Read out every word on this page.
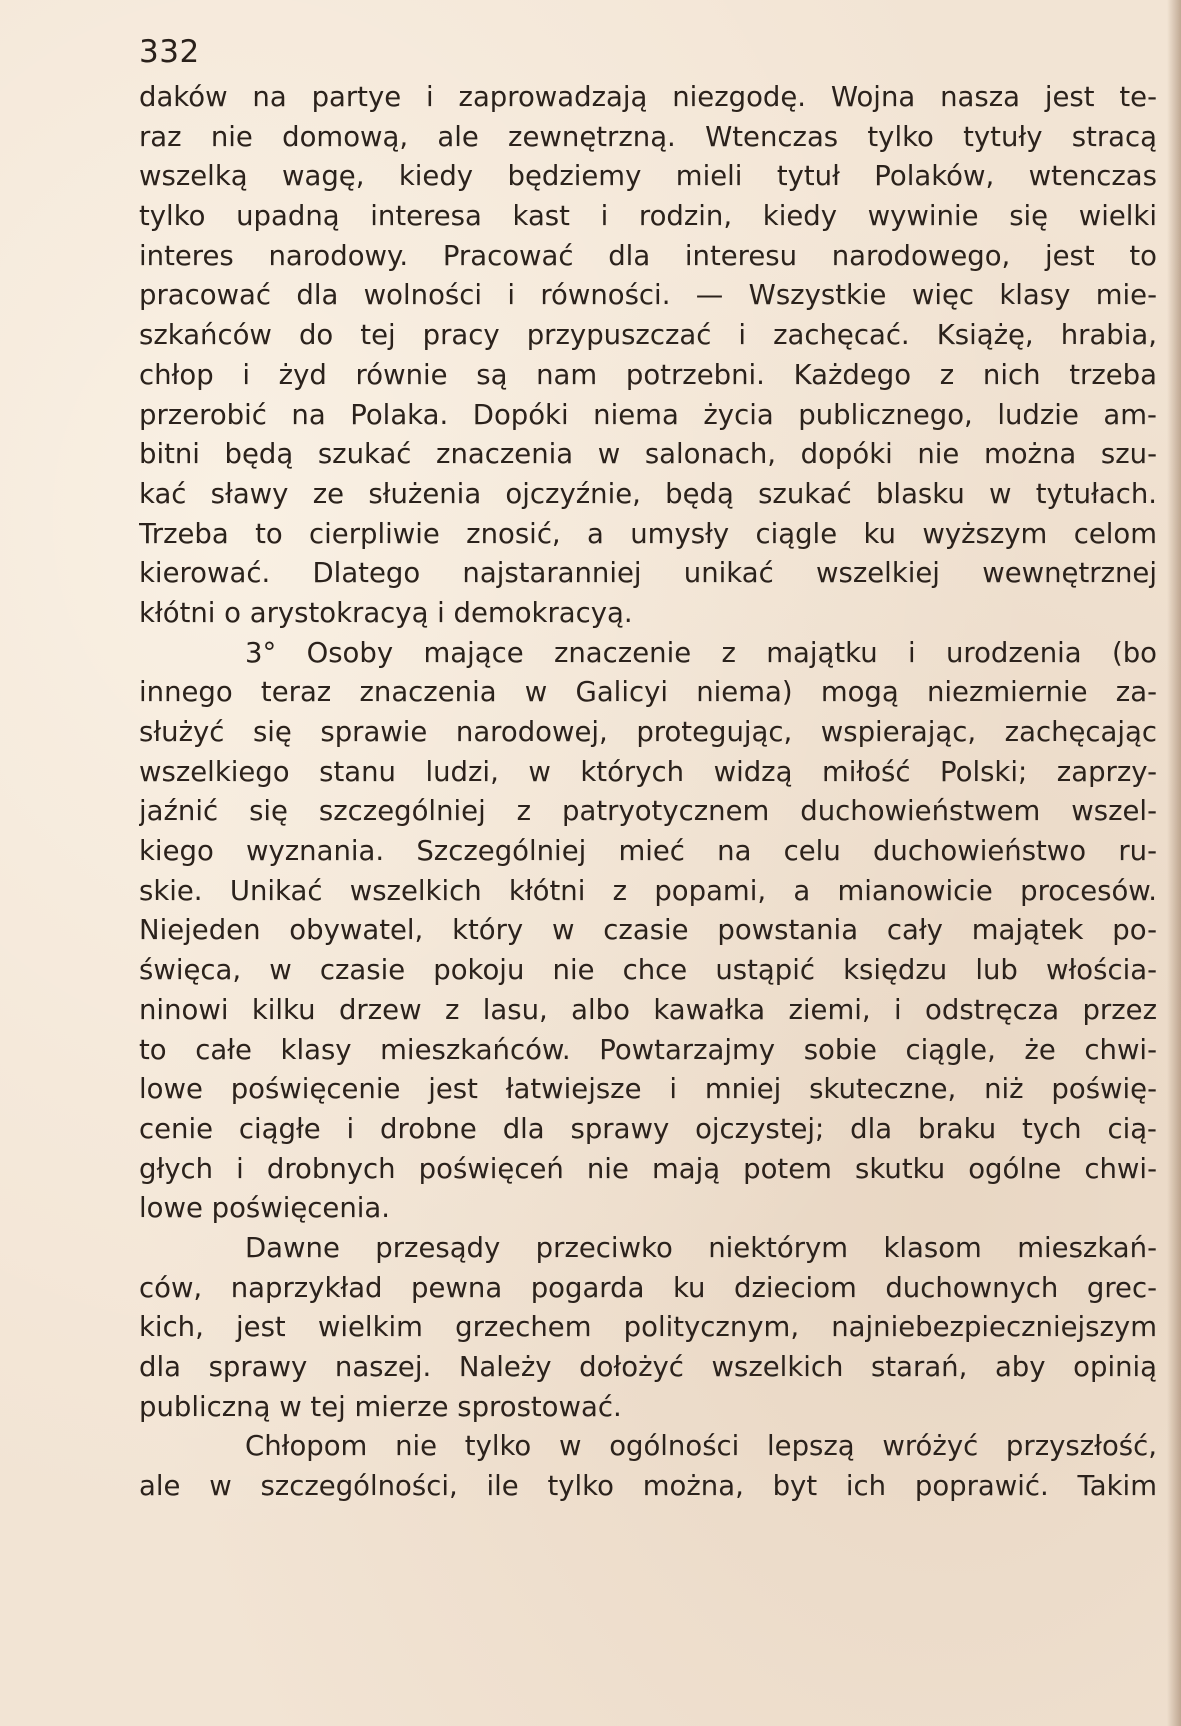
332
daków na partye i zaprowadzają niezgodę. Wojna nasza jest te-
raz nie domową, ale zewnętrzną. Wtenczas tylko tytuły stracą
wszelką wagę, kiedy będziemy mieli tytuł Polaków, wtenczas
tylko upadną interesa kast i rodzin, kiedy wywinie się wielki
interes narodowy. Pracować dla interesu narodowego, jest to
pracować dla wolności i równości. — Wszystkie więc klasy mie-
szkańców do tej pracy przypuszczać i zachęcać. Książę, hrabia,
chłop i żyd równie są nam potrzebni. Każdego z nich trzeba
przerobić na Polaka. Dopóki niema życia publicznego, ludzie am-
bitni będą szukać znaczenia w salonach, dopóki nie można szu-
kać sławy ze służenia ojczyźnie, będą szukać blasku w tytułach.
Trzeba to cierpliwie znosić, a umysły ciągle ku wyższym celom
kierować. Dlatego najstaranniej unikać wszelkiej wewnętrznej
kłótni o arystokracyą i demokracyą.
3° Osoby mające znaczenie z majątku i urodzenia (bo
innego teraz znaczenia w Galicyi niema) mogą niezmiernie za-
służyć się sprawie narodowej, protegując, wspierając, zachęcając
wszelkiego stanu ludzi, w których widzą miłość Polski; zaprzy-
jaźnić się szczególniej z patryotycznem duchowieństwem wszel-
kiego wyznania. Szczególniej mieć na celu duchowieństwo ru-
skie. Unikać wszelkich kłótni z popami, a mianowicie procesów.
Niejeden obywatel, który w czasie powstania cały majątek po-
święca, w czasie pokoju nie chce ustąpić księdzu lub włościa-
ninowi kilku drzew z lasu, albo kawałka ziemi, i odstręcza przez
to całe klasy mieszkańców. Powtarzajmy sobie ciągle, że chwi-
lowe poświęcenie jest łatwiejsze i mniej skuteczne, niż poświę-
cenie ciągłe i drobne dla sprawy ojczystej; dla braku tych cią-
głych i drobnych poświęceń nie mają potem skutku ogólne chwi-
lowe poświęcenia.
Dawne przesądy przeciwko niektórym klasom mieszkań-
ców, naprzykład pewna pogarda ku dzieciom duchownych grec-
kich, jest wielkim grzechem politycznym, najniebezpieczniejszym
dla sprawy naszej. Należy dołożyć wszelkich starań, aby opinią
publiczną w tej mierze sprostować.
Chłopom nie tylko w ogólności lepszą wróżyć przyszłość,
ale w szczególności, ile tylko można, byt ich poprawić. Takim
